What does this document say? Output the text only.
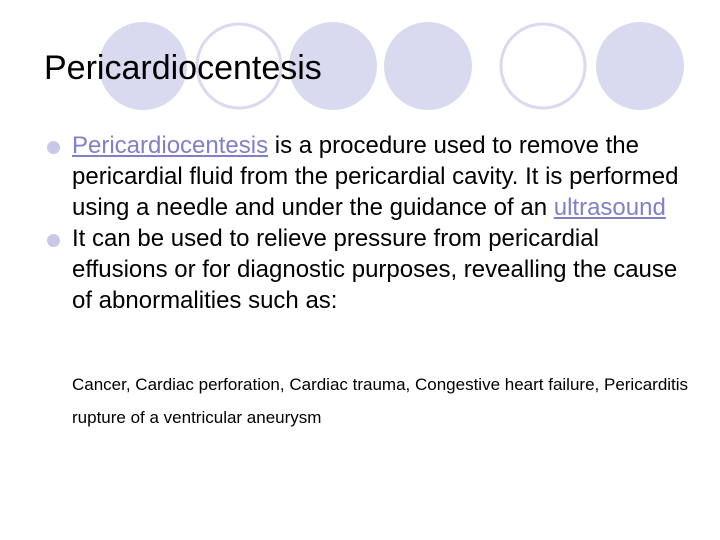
Pericardiocentesis
Pericardiocentesis is a procedure used to remove the pericardial fluid from the pericardial cavity. It is performed using a needle and under the guidance of an ultrasound
It can be used to relieve pressure from pericardial effusions or for diagnostic purposes, revealling the cause of abnormalities such as:
Cancer, Cardiac perforation, Cardiac trauma, Congestive heart failure, Pericarditis rupture of a ventricular aneurysm
